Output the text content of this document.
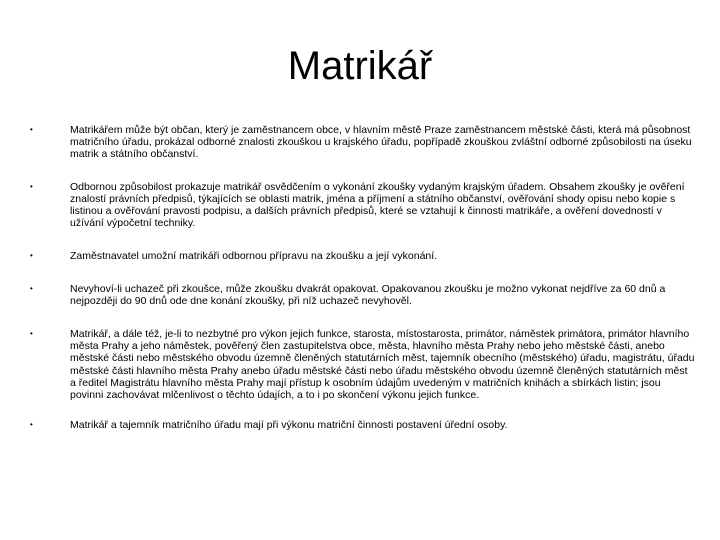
Matrikář
•	Matrikářem může být občan, který je zaměstnancem obce, v hlavním městě Praze zaměstnancem městské části, která má působnost matričního úřadu, prokázal odborné znalosti zkouškou u krajského úřadu, popřípadě zkouškou zvláštní odborné způsobilosti na úseku matrik a státního občanství.
•	Odbornou způsobilost prokazuje matrikář osvědčením o vykonání zkoušky vydaným krajským úřadem. Obsahem zkoušky je ověření znalostí právních předpisů, týkajících se oblasti matrik, jména a příjmení a státního občanství, ověřování shody opisu nebo kopie s listinou a ověřování pravosti podpisu, a dalších právních předpisů, které se vztahují k činnosti matrikáře, a ověření dovedností v užívání výpočetní techniky.
•	Zaměstnavatel umožní matrikáři odbornou přípravu na zkoušku a její vykonání.
•	Nevyhoví-li uchazeč při zkoušce, může zkoušku dvakrát opakovat. Opakovanou zkoušku je možno vykonat nejdříve za 60 dnů a nejpozději do 90 dnů ode dne konání zkoušky, při níž uchazeč nevyhověl.
•	Matrikář, a dále též, je-li to nezbytné pro výkon jejich funkce, starosta, místostarosta, primátor, náměstek primátora, primátor hlavního města Prahy a jeho náměstek, pověřený člen zastupitelstva obce, města, hlavního města Prahy nebo jeho městské části, anebo městské části nebo městského obvodu územně členěných statutárních měst, tajemník obecního (městského) úřadu, magistrátu, úřadu městské části hlavního města Prahy anebo úřadu městské části nebo úřadu městského obvodu územně členěných statutárních měst a ředitel Magistrátu hlavního města Prahy mají přístup k osobním údajům uvedeným v matričních knihách a sbírkách listin; jsou povinni zachovávat mlčenlivost o těchto údajích, a to i po skončení výkonu jejich funkce.
•	Matrikář a tajemník matričního úřadu mají při výkonu matriční činnosti postavení úřední osoby.
